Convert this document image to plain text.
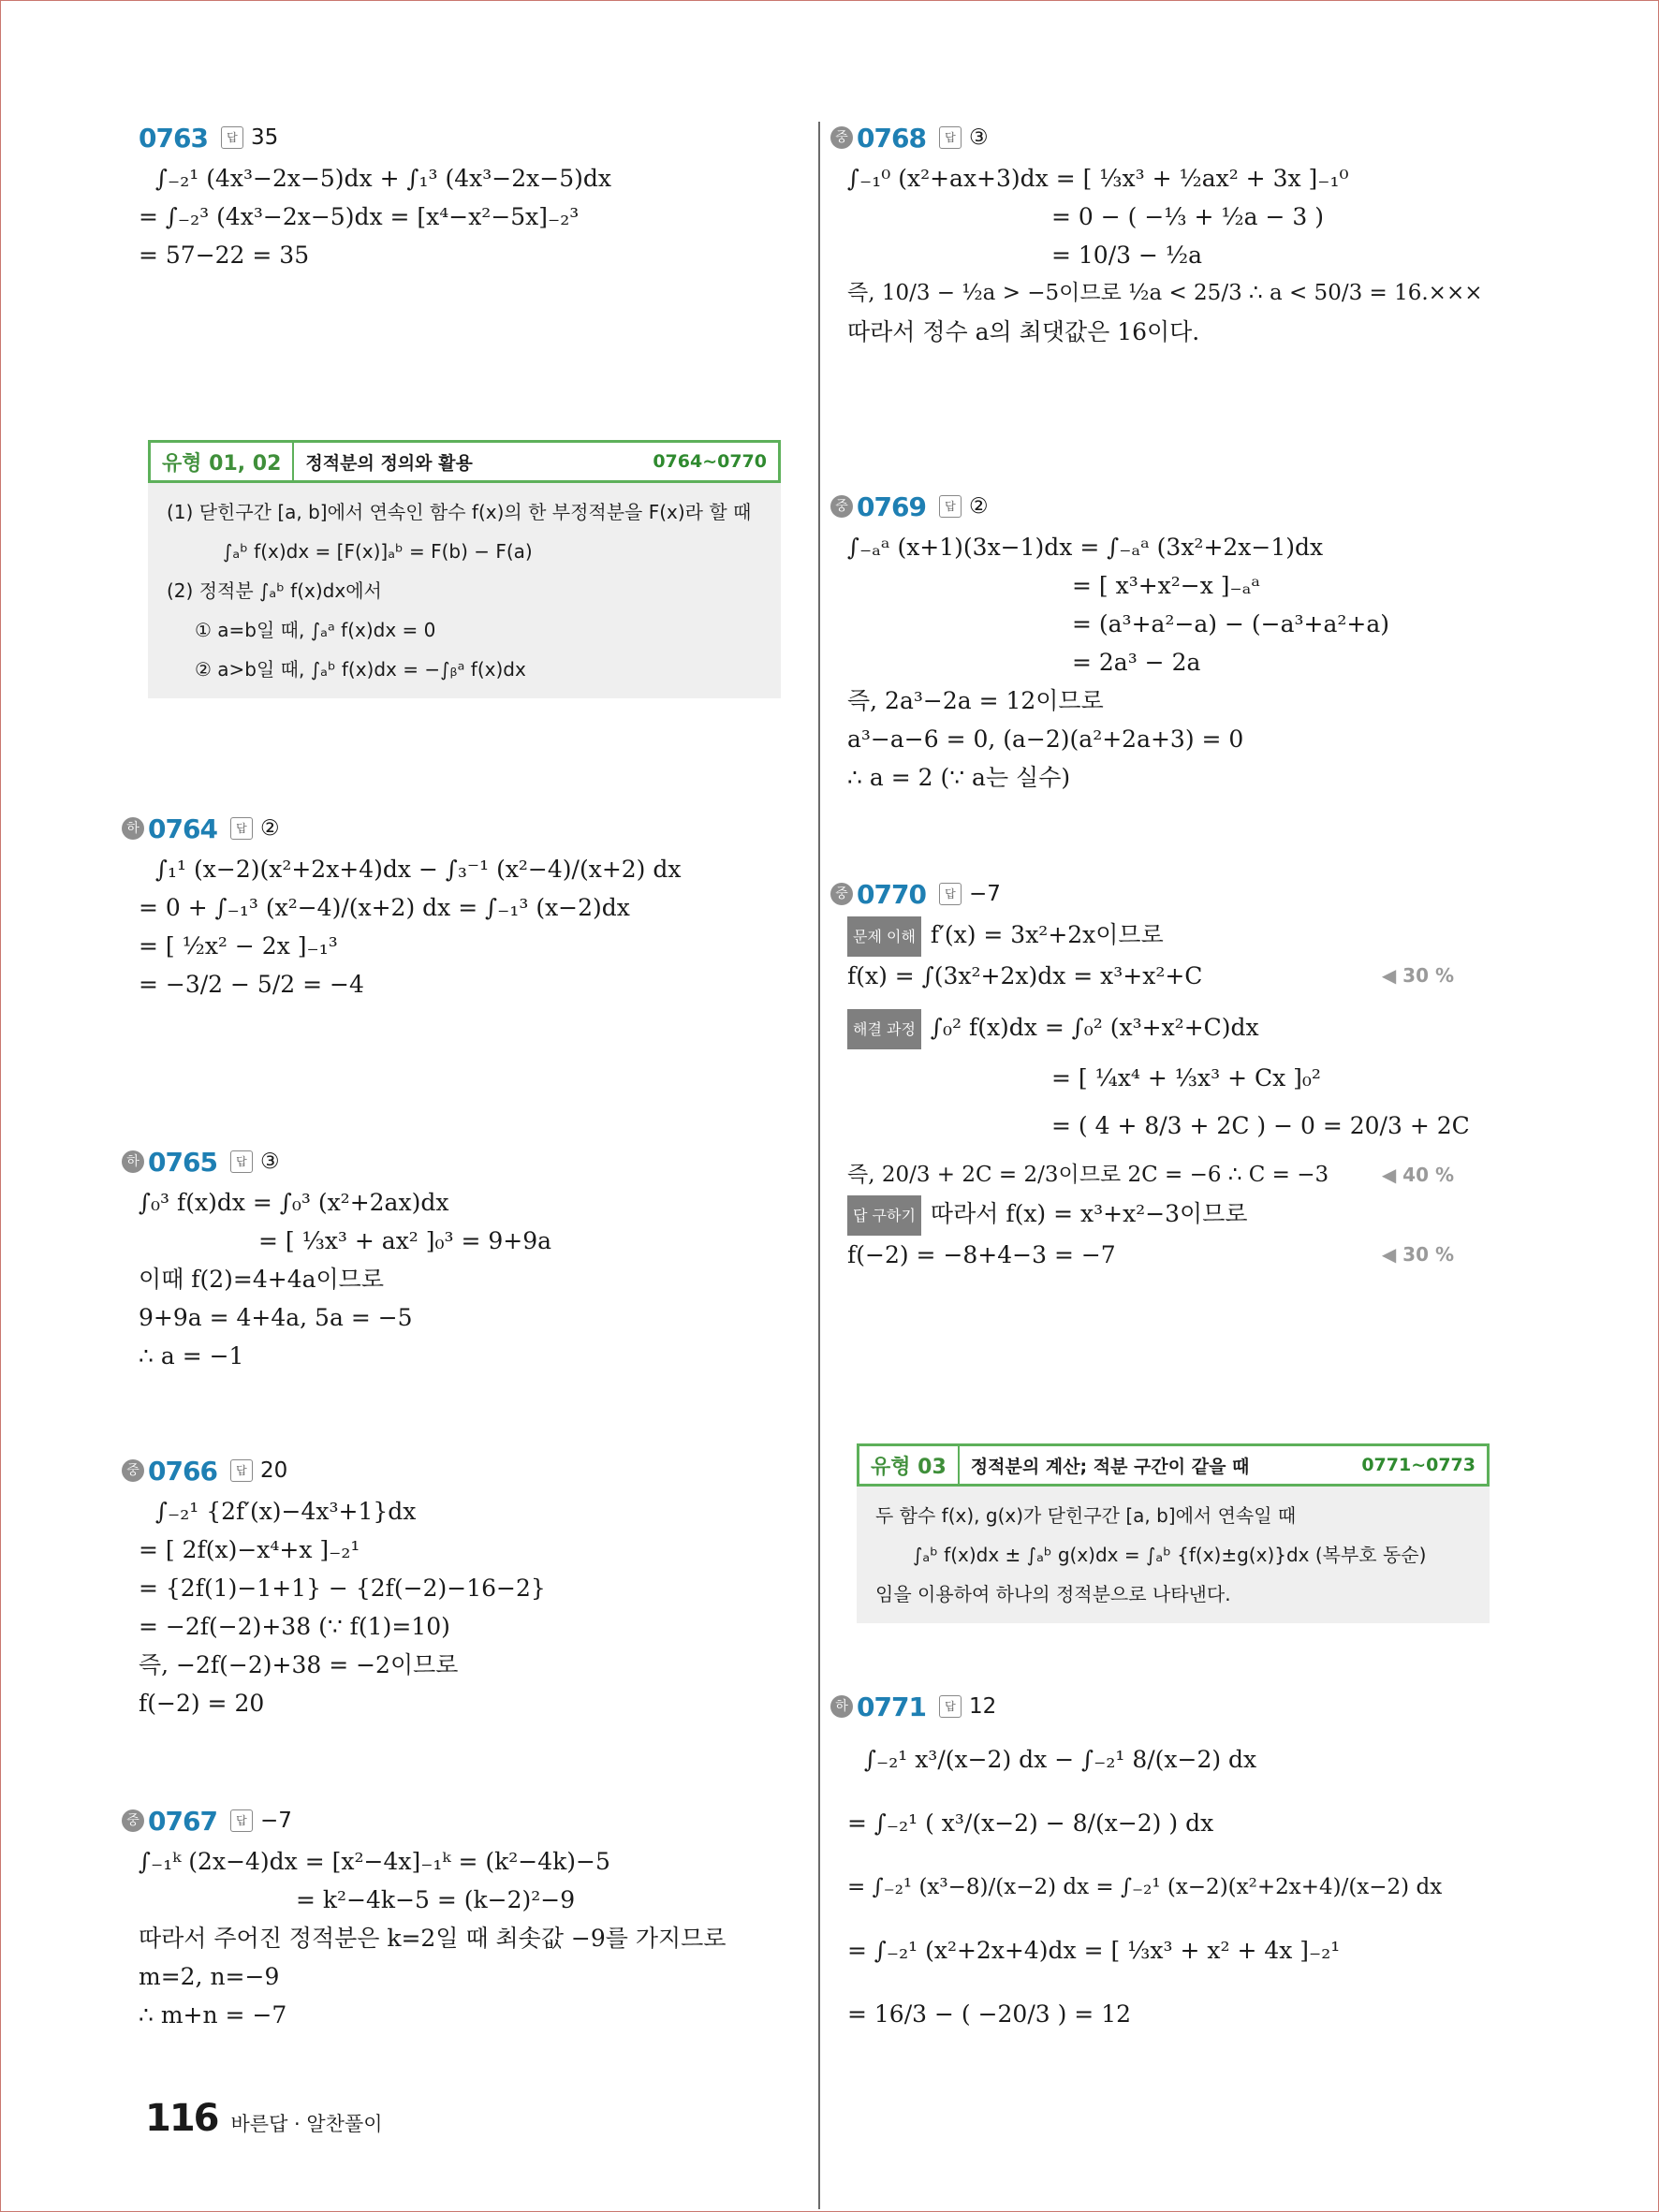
0763	답 35
∫₋₂¹ (4x³−2x−5)dx + ∫₁³ (4x³−2x−5)dx
= ∫₋₂³ (4x³−2x−5)dx = [x⁴−x²−5x]₋₂³
= 57−22 = 35
유형 01, 02	정적분의 정의와 활용	0764~0770
(1) 닫힌구간 [a, b]에서 연속인 함수 f(x)의 한 부정적분을 F(x)라 할 때
∫ₐᵇ f(x)dx = [F(x)]ₐᵇ = F(b) − F(a)
(2) 정적분 ∫ₐᵇ f(x)dx에서
① a=b일 때, ∫ₐᵃ f(x)dx = 0
② a>b일 때, ∫ₐᵇ f(x)dx = −∫ᵦᵃ f(x)dx
하 0764	답 ②
∫₁¹ (x−2)(x²+2x+4)dx − ∫₃⁻¹ (x²−4)/(x+2) dx
= 0 + ∫₋₁³ (x²−4)/(x+2) dx = ∫₋₁³ (x−2)dx
= [ ½x² − 2x ]₋₁³
= −3/2 − 5/2 = −4
하 0765	답 ③
∫₀³ f(x)dx = ∫₀³ (x²+2ax)dx
= [ ⅓x³ + ax² ]₀³ = 9+9a
이때 f(2)=4+4a이므로
9+9a = 4+4a, 5a = −5
∴ a = −1
중 0766	답 20
∫₋₂¹ {2f′(x)−4x³+1}dx
= [ 2f(x)−x⁴+x ]₋₂¹
= {2f(1)−1+1} − {2f(−2)−16−2}
= −2f(−2)+38 (∵ f(1)=10)
즉, −2f(−2)+38 = −2이므로
f(−2) = 20
중 0767	답 −7
∫₋₁ᵏ (2x−4)dx = [x²−4x]₋₁ᵏ = (k²−4k)−5
= k²−4k−5 = (k−2)²−9
따라서 주어진 정적분은 k=2일 때 최솟값 −9를 가지므로
m=2, n=−9
∴ m+n = −7
116 바른답 · 알찬풀이
중 0768	답 ③
∫₋₁⁰ (x²+ax+3)dx = [ ⅓x³ + ½ax² + 3x ]₋₁⁰
= 0 − ( −⅓ + ½a − 3 )
= 10/3 − ½a
즉, 10/3 − ½a > −5이므로 ½a < 25/3 ∴ a < 50/3 = 16.×××
따라서 정수 a의 최댓값은 16이다.
중 0769	답 ②
∫₋ₐᵃ (x+1)(3x−1)dx = ∫₋ₐᵃ (3x²+2x−1)dx
= [ x³+x²−x ]₋ₐᵃ
= (a³+a²−a) − (−a³+a²+a)
= 2a³ − 2a
즉, 2a³−2a = 12이므로
a³−a−6 = 0, (a−2)(a²+2a+3) = 0
∴ a = 2 (∵ a는 실수)
중 0770	답 −7
문제 이해 f′(x) = 3x²+2x이므로
f(x) = ∫(3x²+2x)dx = x³+x²+C	◀ 30 %
해결 과정 ∫₀² f(x)dx = ∫₀² (x³+x²+C)dx
= [ ¼x⁴ + ⅓x³ + Cx ]₀²
= ( 4 + 8/3 + 2C ) − 0 = 20/3 + 2C
즉, 20/3 + 2C = 2/3이므로 2C = −6 ∴ C = −3	◀ 40 %
답 구하기 따라서 f(x) = x³+x²−3이므로
f(−2) = −8+4−3 = −7	◀ 30 %
유형 03	정적분의 계산; 적분 구간이 같을 때	0771~0773
두 함수 f(x), g(x)가 닫힌구간 [a, b]에서 연속일 때
∫ₐᵇ f(x)dx ± ∫ₐᵇ g(x)dx = ∫ₐᵇ {f(x)±g(x)}dx (복부호 동순)
임을 이용하여 하나의 정적분으로 나타낸다.
하 0771	답 12
∫₋₂¹ x³/(x−2) dx − ∫₋₂¹ 8/(x−2) dx
= ∫₋₂¹ ( x³/(x−2) − 8/(x−2) ) dx
= ∫₋₂¹ (x³−8)/(x−2) dx = ∫₋₂¹ (x−2)(x²+2x+4)/(x−2) dx
= ∫₋₂¹ (x²+2x+4)dx = [ ⅓x³ + x² + 4x ]₋₂¹
= 16/3 − ( −20/3 ) = 12
